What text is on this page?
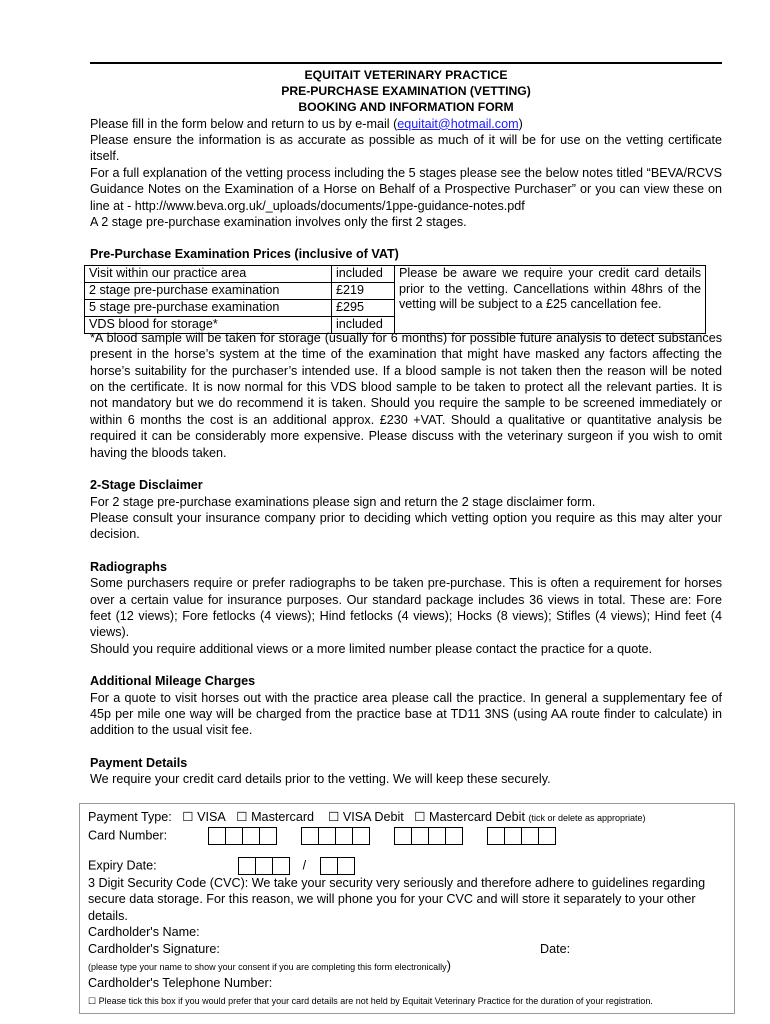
EQUITAIT VETERINARY PRACTICE
PRE-PURCHASE EXAMINATION (VETTING)
BOOKING AND INFORMATION FORM

Please fill in the form below and return to us by e-mail (equitait@hotmail.com)

Please ensure the information is as accurate as possible as much of it will be for use on the vetting certificate itself.

For a full explanation of the vetting process including the 5 stages please see the below notes titled “BEVA/RCVS Guidance Notes on the Examination of a Horse on Behalf of a Prospective Purchaser” or you can view these on line at - http://www.beva.org.uk/_uploads/documents/1ppe-guidance-notes.pdf

A 2 stage pre-purchase examination involves only the first 2 stages.

Pre-Purchase Examination Prices (inclusive of VAT)

*A blood sample will be taken for storage (usually for 6 months) for possible future analysis to detect substances present in the horse’s system at the time of the examination that might have masked any factors affecting the horse’s suitability for the purchaser’s intended use. If a blood sample is not taken then the reason will be noted on the certificate. It is now normal for this VDS blood sample to be taken to protect all the relevant parties. It is not mandatory but we do recommend it is taken. Should you require the sample to be screened immediately or within 6 months the cost is an additional approx. £230 +VAT. Should a qualitative or quantitative analysis be required it can be considerably more expensive. Please discuss with the veterinary surgeon if you wish to omit having the bloods taken.

2-Stage Disclaimer

For 2 stage pre-purchase examinations please sign and return the 2 stage disclaimer form.

Please consult your insurance company prior to deciding which vetting option you require as this may alter your decision.

Radiographs

Some purchasers require or prefer radiographs to be taken pre-purchase. This is often a requirement for horses over a certain value for insurance purposes. Our standard package includes 36 views in total. These are: Fore feet (12 views); Fore fetlocks (4 views); Hind fetlocks (4 views); Hocks (8 views); Stifles (4 views); Hind feet (4 views).

Should you require additional views or a more limited number please contact the practice for a quote.

Additional Mileage Charges

For a quote to visit horses out with the practice area please call the practice. In general a supplementary fee of 45p per mile one way will be charged from the practice base at TD11 3NS (using AA route finder to calculate) in addition to the usual visit fee.

Payment Details

We require your credit card details prior to the vetting. We will keep these securely.

Visit within our practice area	included	Please be aware we require your credit card details prior to the vetting. Cancellations within 48hrs of the vetting will be subject to a £25 cancellation fee.
2 stage pre-purchase examination	£219	
5 stage pre-purchase examination	£295	
VDS blood for storage*	included	

Payment Type: ☐ VISA ☐ Mastercard ☐ VISA Debit ☐ Mastercard Debit (tick or delete as appropriate)

Card Number:

Expiry Date:	/

3 Digit Security Code (CVC): We take your security very seriously and therefore adhere to guidelines regarding secure data storage. For this reason, we will phone you for your CVC and will store it separately to your other details.

Cardholder's Name:

Cardholder's Signature:	Date:

(please type your name to show your consent if you are completing this form electronically)

Cardholder's Telephone Number:

☐ Please tick this box if you would prefer that your card details are not held by Equitait Veterinary Practice for the duration of your registration.
